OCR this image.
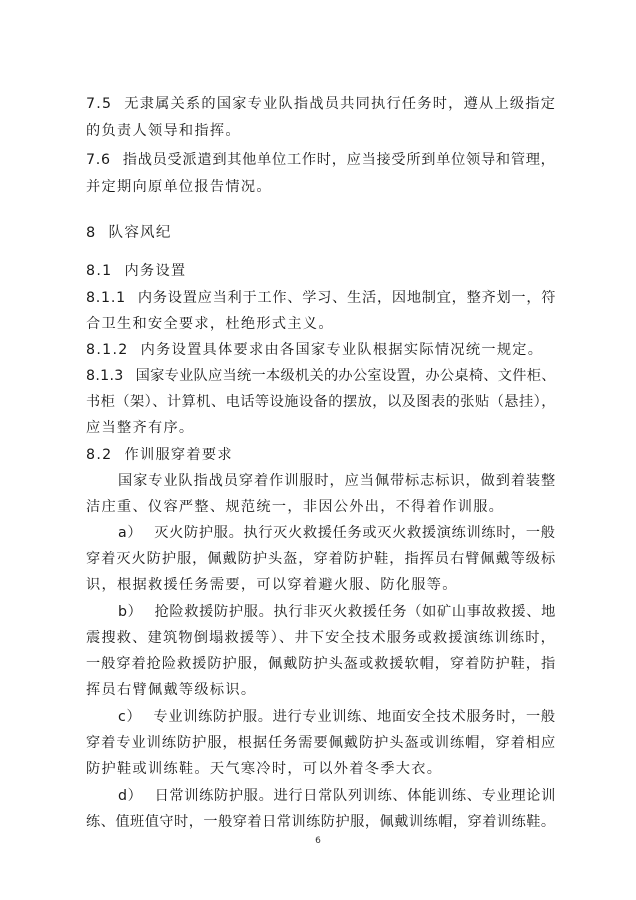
7.5 无隶属关系的国家专业队指战员共同执行任务时，遵从上级指定
的负责人领导和指挥。
7.6 指战员受派遣到其他单位工作时，应当接受所到单位领导和管理，
并定期向原单位报告情况。
8 队容风纪
8.1 内务设置
8.1.1 内务设置应当利于工作、学习、生活，因地制宜，整齐划一，符
合卫生和安全要求，杜绝形式主义。
8.1.2 内务设置具体要求由各国家专业队根据实际情况统一规定。
8.1.3 国家专业队应当统一本级机关的办公室设置，办公桌椅、文件柜、
书柜（架）、计算机、电话等设施设备的摆放，以及图表的张贴（悬挂），
应当整齐有序。
8.2 作训服穿着要求
国家专业队指战员穿着作训服时，应当佩带标志标识，做到着装整
洁庄重、仪容严整、规范统一，非因公外出，不得着作训服。
a） 灭火防护服。执行灭火救援任务或灭火救援演练训练时，一般
穿着灭火防护服，佩戴防护头盔，穿着防护鞋，指挥员右臂佩戴等级标
识，根据救援任务需要，可以穿着避火服、防化服等。
b） 抢险救援防护服。执行非灭火救援任务（如矿山事故救援、地
震搜救、建筑物倒塌救援等）、井下安全技术服务或救援演练训练时，
一般穿着抢险救援防护服，佩戴防护头盔或救援软帽，穿着防护鞋，指
挥员右臂佩戴等级标识。
c） 专业训练防护服。进行专业训练、地面安全技术服务时，一般
穿着专业训练防护服，根据任务需要佩戴防护头盔或训练帽，穿着相应
防护鞋或训练鞋。天气寒冷时，可以外着冬季大衣。
d） 日常训练防护服。进行日常队列训练、体能训练、专业理论训
练、值班值守时，一般穿着日常训练防护服，佩戴训练帽，穿着训练鞋。
6
